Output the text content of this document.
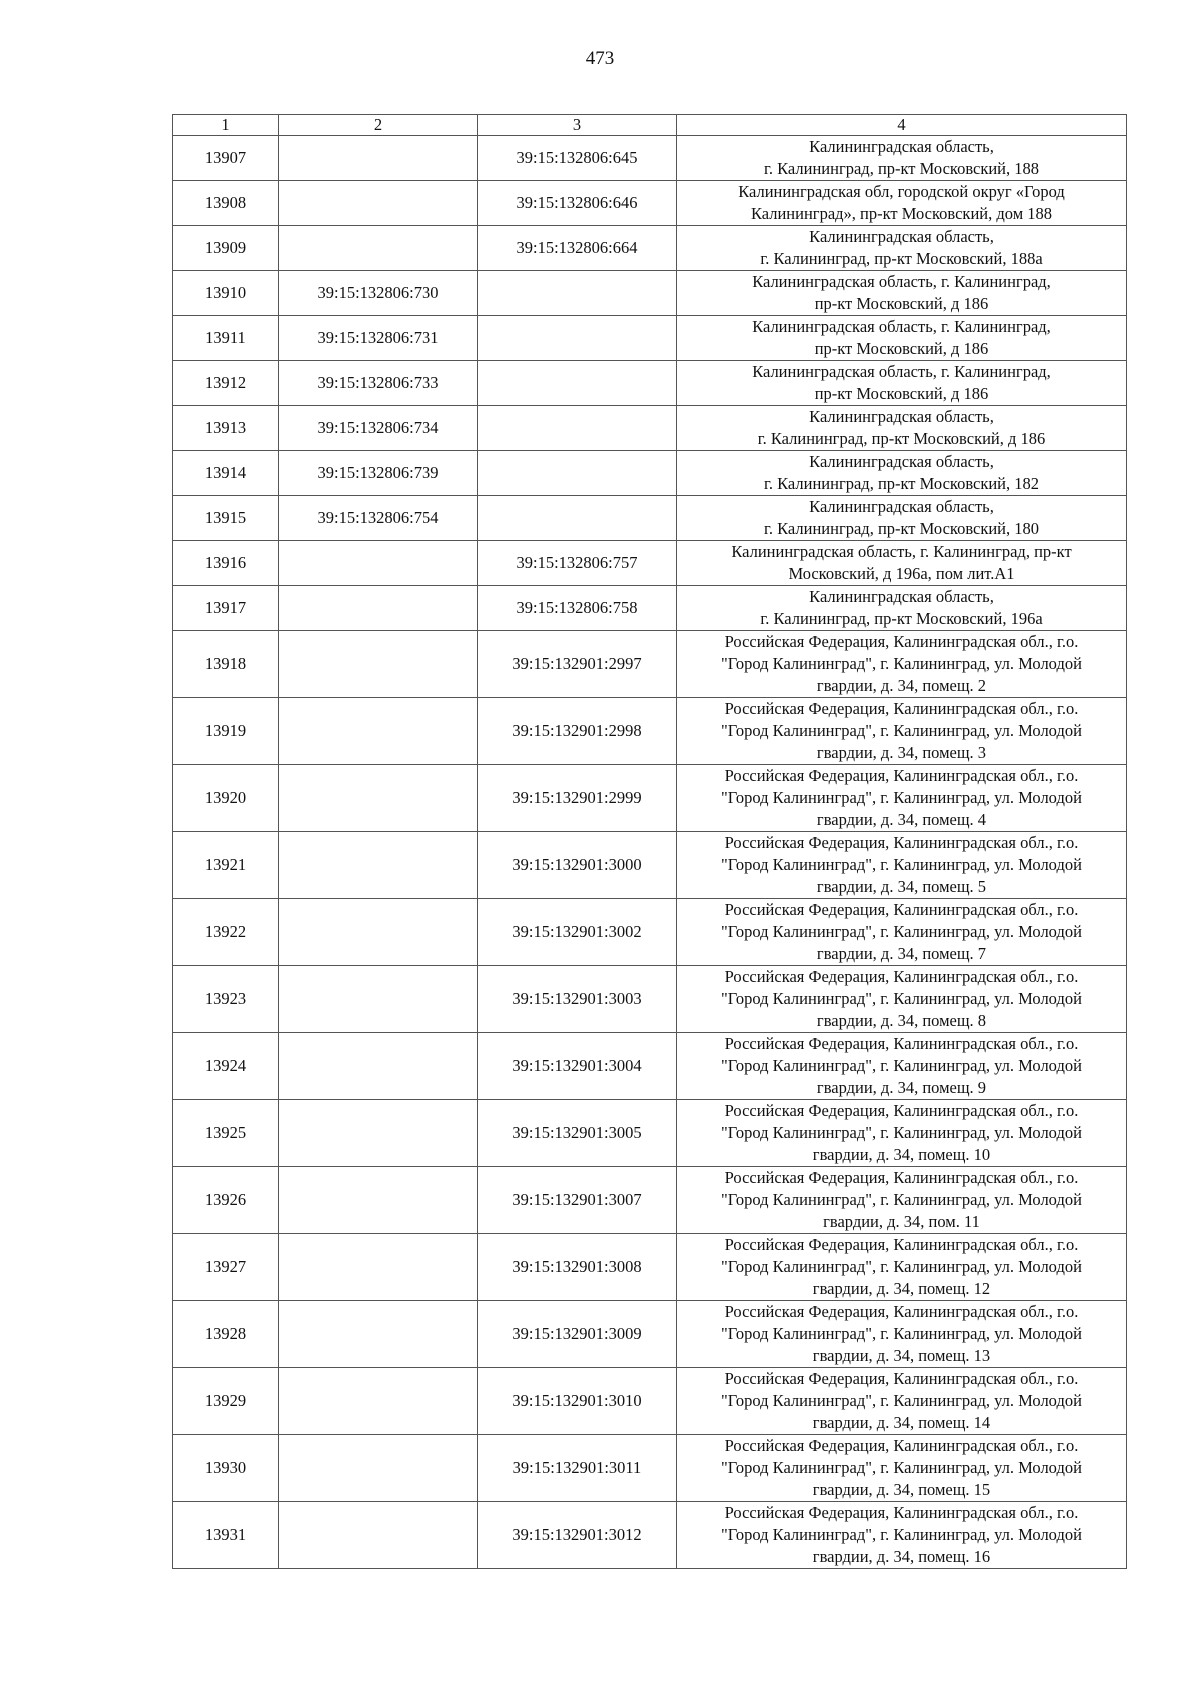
473
1	2	3	4
13907		39:15:132806:645	Калининградская область,
г. Калининград, пр-кт Московский, 188
13908		39:15:132806:646	Калининградская обл, городской округ «Город
Калининград», пр-кт Московский, дом 188
13909		39:15:132806:664	Калининградская область,
г. Калининград, пр-кт Московский, 188а
13910	39:15:132806:730		Калининградская область, г. Калининград,
пр-кт Московский, д 186
13911	39:15:132806:731		Калининградская область, г. Калининград,
пр-кт Московский, д 186
13912	39:15:132806:733		Калининградская область, г. Калининград,
пр-кт Московский, д 186
13913	39:15:132806:734		Калининградская область,
г. Калининград, пр-кт Московский, д 186
13914	39:15:132806:739		Калининградская область,
г. Калининград, пр-кт Московский, 182
13915	39:15:132806:754		Калининградская область,
г. Калининград, пр-кт Московский, 180
13916		39:15:132806:757	Калининградская область, г. Калининград, пр-кт
Московский, д 196а, пом лит.А1
13917		39:15:132806:758	Калининградская область,
г. Калининград, пр-кт Московский, 196а
13918		39:15:132901:2997	Российская Федерация, Калининградская обл., г.о.
"Город Калининград", г. Калининград, ул. Молодой
гвардии, д. 34, помещ. 2
13919		39:15:132901:2998	Российская Федерация, Калининградская обл., г.о.
"Город Калининград", г. Калининград, ул. Молодой
гвардии, д. 34, помещ. 3
13920		39:15:132901:2999	Российская Федерация, Калининградская обл., г.о.
"Город Калининград", г. Калининград, ул. Молодой
гвардии, д. 34, помещ. 4
13921		39:15:132901:3000	Российская Федерация, Калининградская обл., г.о.
"Город Калининград", г. Калининград, ул. Молодой
гвардии, д. 34, помещ. 5
13922		39:15:132901:3002	Российская Федерация, Калининградская обл., г.о.
"Город Калининград", г. Калининград, ул. Молодой
гвардии, д. 34, помещ. 7
13923		39:15:132901:3003	Российская Федерация, Калининградская обл., г.о.
"Город Калининград", г. Калининград, ул. Молодой
гвардии, д. 34, помещ. 8
13924		39:15:132901:3004	Российская Федерация, Калининградская обл., г.о.
"Город Калининград", г. Калининград, ул. Молодой
гвардии, д. 34, помещ. 9
13925		39:15:132901:3005	Российская Федерация, Калининградская обл., г.о.
"Город Калининград", г. Калининград, ул. Молодой
гвардии, д. 34, помещ. 10
13926		39:15:132901:3007	Российская Федерация, Калининградская обл., г.о.
"Город Калининград", г. Калининград, ул. Молодой
гвардии, д. 34, пом. 11
13927		39:15:132901:3008	Российская Федерация, Калининградская обл., г.о.
"Город Калининград", г. Калининград, ул. Молодой
гвардии, д. 34, помещ. 12
13928		39:15:132901:3009	Российская Федерация, Калининградская обл., г.о.
"Город Калининград", г. Калининград, ул. Молодой
гвардии, д. 34, помещ. 13
13929		39:15:132901:3010	Российская Федерация, Калининградская обл., г.о.
"Город Калининград", г. Калининград, ул. Молодой
гвардии, д. 34, помещ. 14
13930		39:15:132901:3011	Российская Федерация, Калининградская обл., г.о.
"Город Калининград", г. Калининград, ул. Молодой
гвардии, д. 34, помещ. 15
13931		39:15:132901:3012	Российская Федерация, Калининградская обл., г.о.
"Город Калининград", г. Калининград, ул. Молодой
гвардии, д. 34, помещ. 16
